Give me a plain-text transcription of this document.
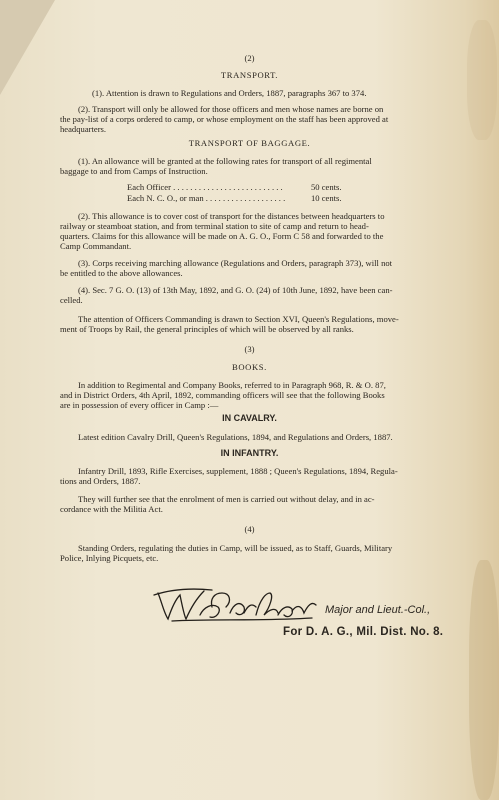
(2)
TRANSPORT.
(1). Attention is drawn to Regulations and Orders, 1887, paragraphs 367 to 374.
(2). Transport will only be allowed for those officers and men whose names are borne on
the pay-list of a corps ordered to camp, or whose employment on the staff has been approved at
headquarters.
TRANSPORT OF BAGGAGE.
(1). An allowance will be granted at the following rates for transport of all regimental
baggage to and from Camps of Instruction.
Each Officer . . . . . . . . . . . . . . . . . . . . . . . . . .	50 cents.
Each N. C. O., or man . . . . . . . . . . . . . . . . . . .	10 cents.
(2). This allowance is to cover cost of transport for the distances between headquarters to
railway or steamboat station, and from terminal station to site of camp and return to head-
quarters. Claims for this allowance will be made on A. G. O., Form C 58 and forwarded to the
Camp Commandant.
(3). Corps receiving marching allowance (Regulations and Orders, paragraph 373), will not
be entitled to the above allowances.
(4). Sec. 7 G. O. (13) of 13th May, 1892, and G. O. (24) of 10th June, 1892, have been can-
celled.
The attention of Officers Commanding is drawn to Section XVI, Queen's Regulations, move-
ment of Troops by Rail, the general principles of which will be observed by all ranks.
(3)
BOOKS.
In addition to Regimental and Company Books, referred to in Paragraph 968, R. & O. 87,
and in District Orders, 4th April, 1892, commanding officers will see that the following Books
are in possession of every officer in Camp :—
IN CAVALRY.
Latest edition Cavalry Drill, Queen's Regulations, 1894, and Regulations and Orders, 1887.
IN INFANTRY.
Infantry Drill, 1893, Rifle Exercises, supplement, 1888 ; Queen's Regulations, 1894, Regula-
tions and Orders, 1887.
They will further see that the enrolment of men is carried out without delay, and in ac-
cordance with the Militia Act.
(4)
Standing Orders, regulating the duties in Camp, will be issued, as to Staff, Guards, Military
Police, Inlying Picquets, etc.
Major and Lieut.-Col.,
For D. A. G., Mil. Dist. No. 8.
